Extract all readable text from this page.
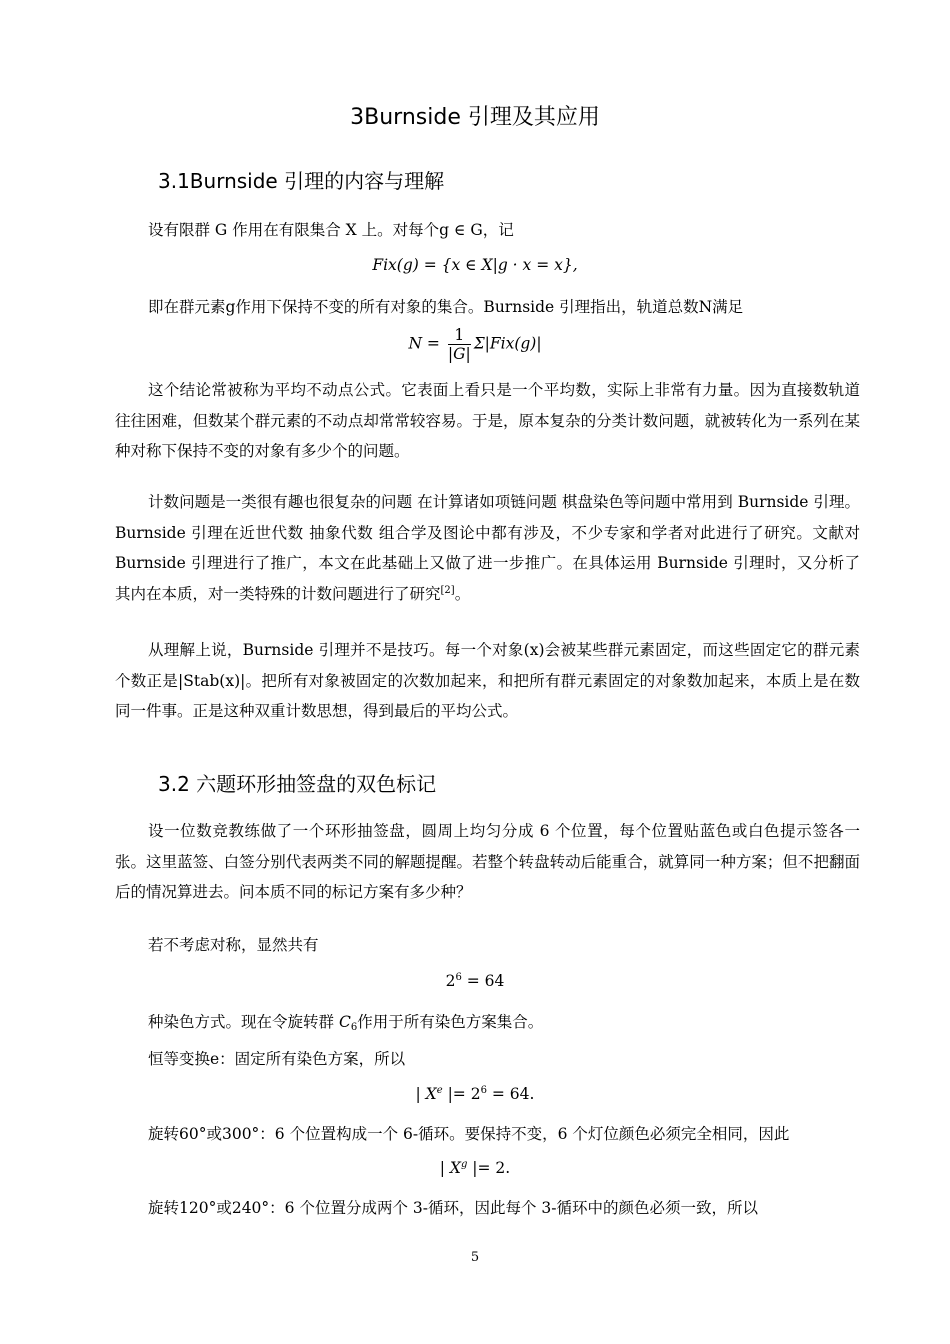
3Burnside 引理及其应用
3.1Burnside 引理的内容与理解
设有限群 G 作用在有限集合 X 上。对每个g ∈ G，记
Fix(g) = {x ∈ X|g · x = x},
即在群元素g作用下保持不变的所有对象的集合。Burnside 引理指出，轨道总数N满足
$N = \frac{1}{|G|} \Sigma|Fix(g)|$
这个结论常被称为平均不动点公式。它表面上看只是一个平均数，实际上非常有力量。因为直接数轨道往往困难，但数某个群元素的不动点却常常较容易。于是，原本复杂的分类计数问题，就被转化为一系列在某种对称下保持不变的对象有多少个的问题。
计数问题是一类很有趣也很复杂的问题 在计算诸如项链问题 棋盘染色等问题中常用到 Burnside 引理。Burnside 引理在近世代数 抽象代数 组合学及图论中都有涉及，不少专家和学者对此进行了研究。文献对 Burnside 引理进行了推广，本文在此基础上又做了进一步推广。在具体运用 Burnside 引理时，又分析了其内在本质，对一类特殊的计数问题进行了研究[2]。
从理解上说，Burnside 引理并不是技巧。每一个对象(x)会被某些群元素固定，而这些固定它的群元素个数正是|Stab(x)|。把所有对象被固定的次数加起来，和把所有群元素固定的对象数加起来，本质上是在数同一件事。正是这种双重计数思想，得到最后的平均公式。
3.2 六题环形抽签盘的双色标记
设一位数竞教练做了一个环形抽签盘，圆周上均匀分成 6 个位置，每个位置贴蓝色或白色提示签各一张。这里蓝签、白签分别代表两类不同的解题提醒。若整个转盘转动后能重合，就算同一种方案；但不把翻面后的情况算进去。问本质不同的标记方案有多少种？
若不考虑对称，显然共有
$2^6 = 64$
种染色方式。现在令旋转群 $C_6$作用于所有染色方案集合。
恒等变换e：固定所有染色方案，所以
| Xe |= $2^6 = 64$.
旋转60°或300°：6 个位置构成一个 6-循环。要保持不变，6 个灯位颜色必须完全相同，因此
| $X^g$ |= 2.
旋转120°或240°：6 个位置分成两个 3-循环，因此每个 3-循环中的颜色必须一致，所以
5
